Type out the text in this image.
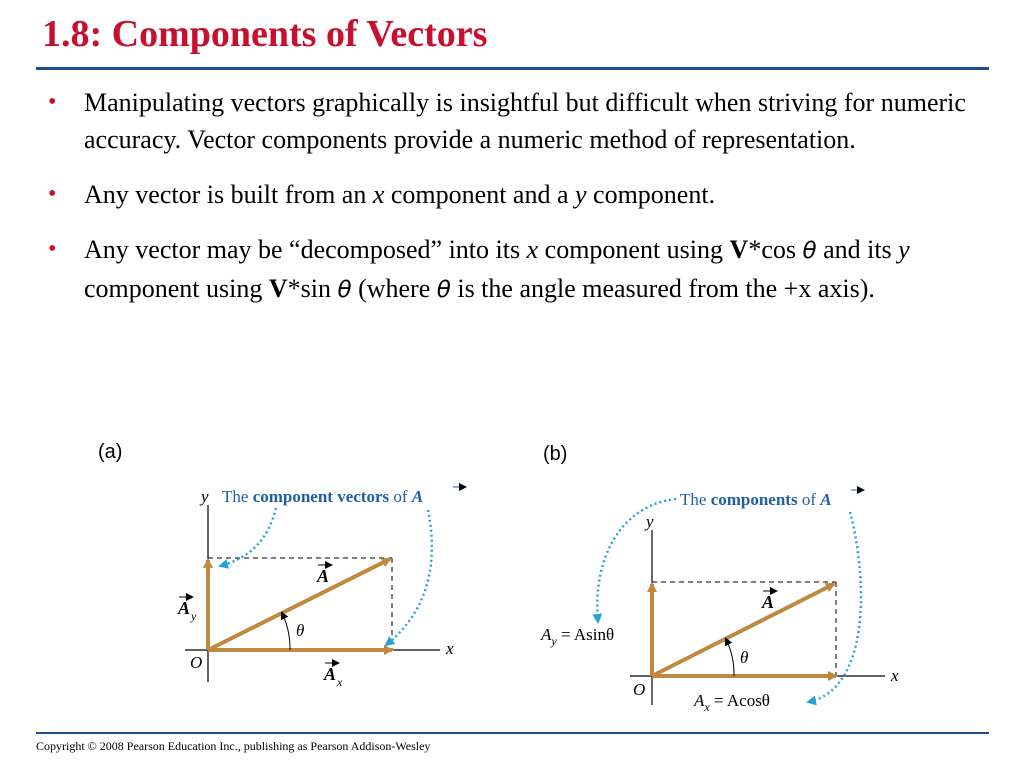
1.8: Components of Vectors
• Manipulating vectors graphically is insightful but difficult when striving for numeric accuracy. Vector components provide a numeric method of representation.
• Any vector is built from an x component and a y component.
• Any vector may be “decomposed” into its x component using V*cos θ and its y component using V*sin θ (where θ is the angle measured from the +x axis).
(a)
y
x
O
θ
A
A y
A x
The component vectors of A
(b)
y
x
O
θ
A
$A_y = Asin\theta$
$A_x = Acos\theta$
The components of A
Copyright © 2008 Pearson Education Inc., publishing as Pearson Addison-Wesley
